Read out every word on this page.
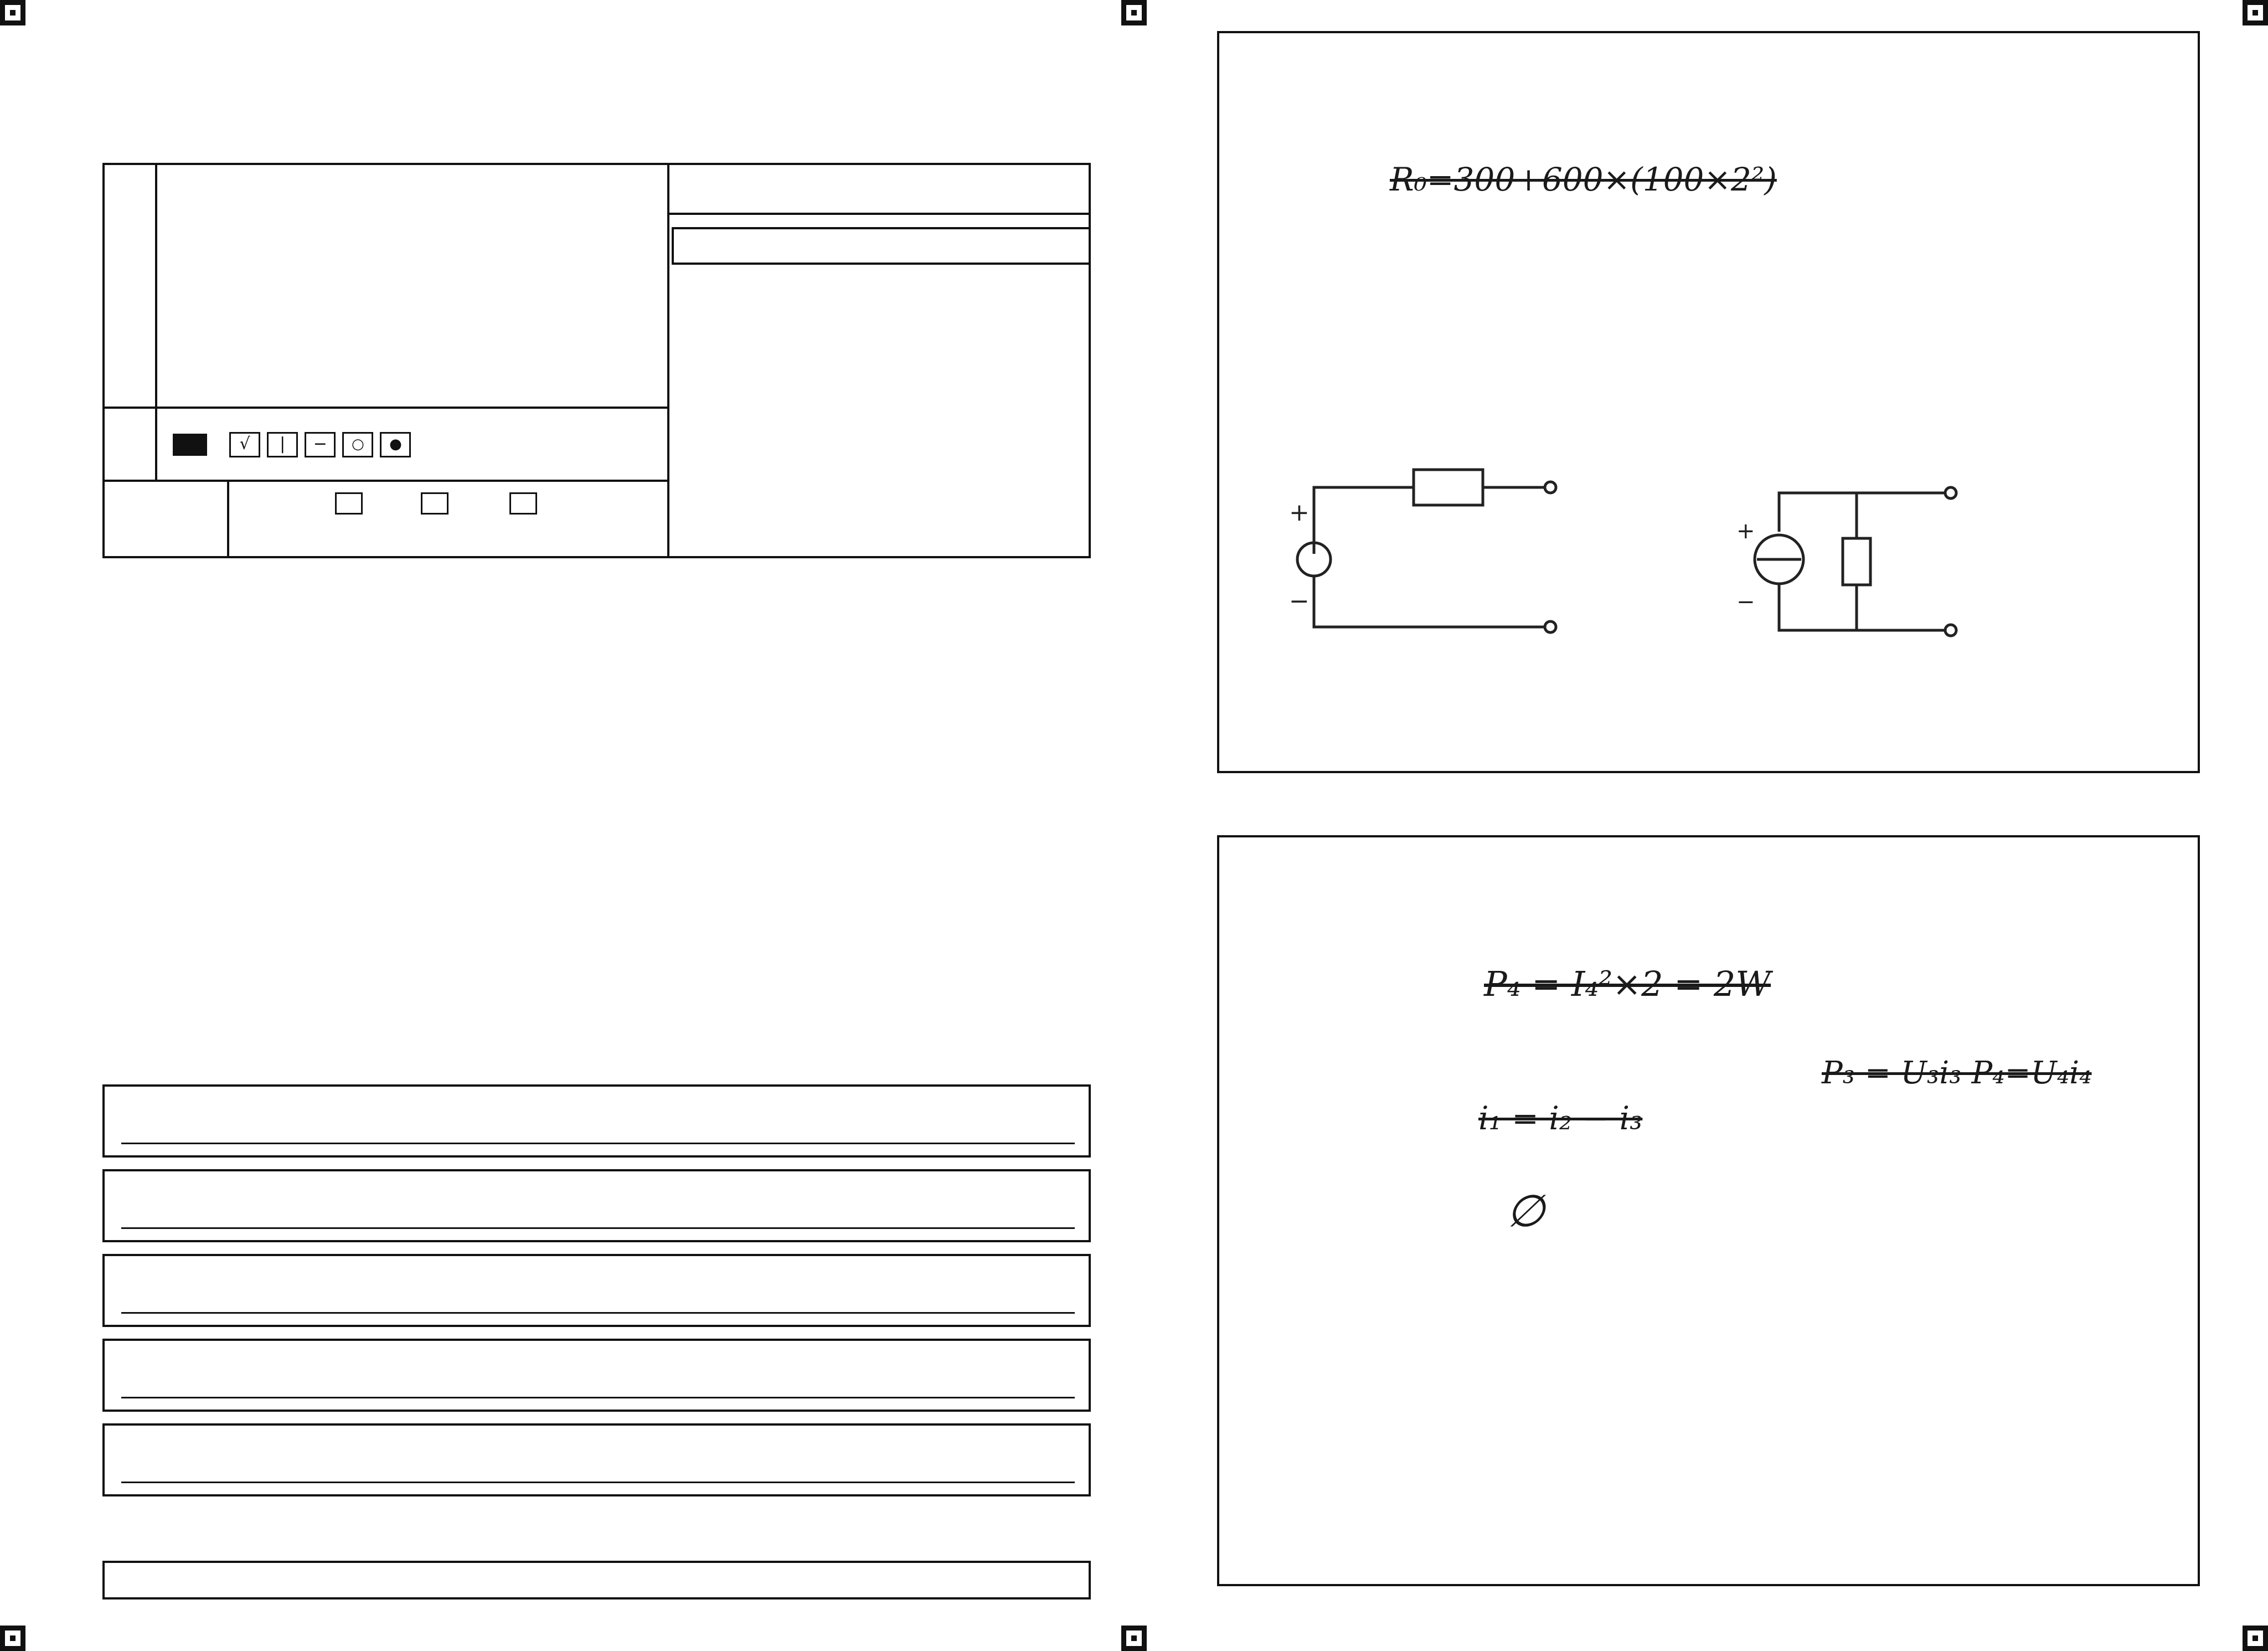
√ | − ○ ●
R₀=300+600×(100×2²)
+
−
+
−
P₄ = I₄²×2 = 2W
P₃ = U₃i₃ P₄=U₄i₄
i₁ = i₂ − i₃
∅
